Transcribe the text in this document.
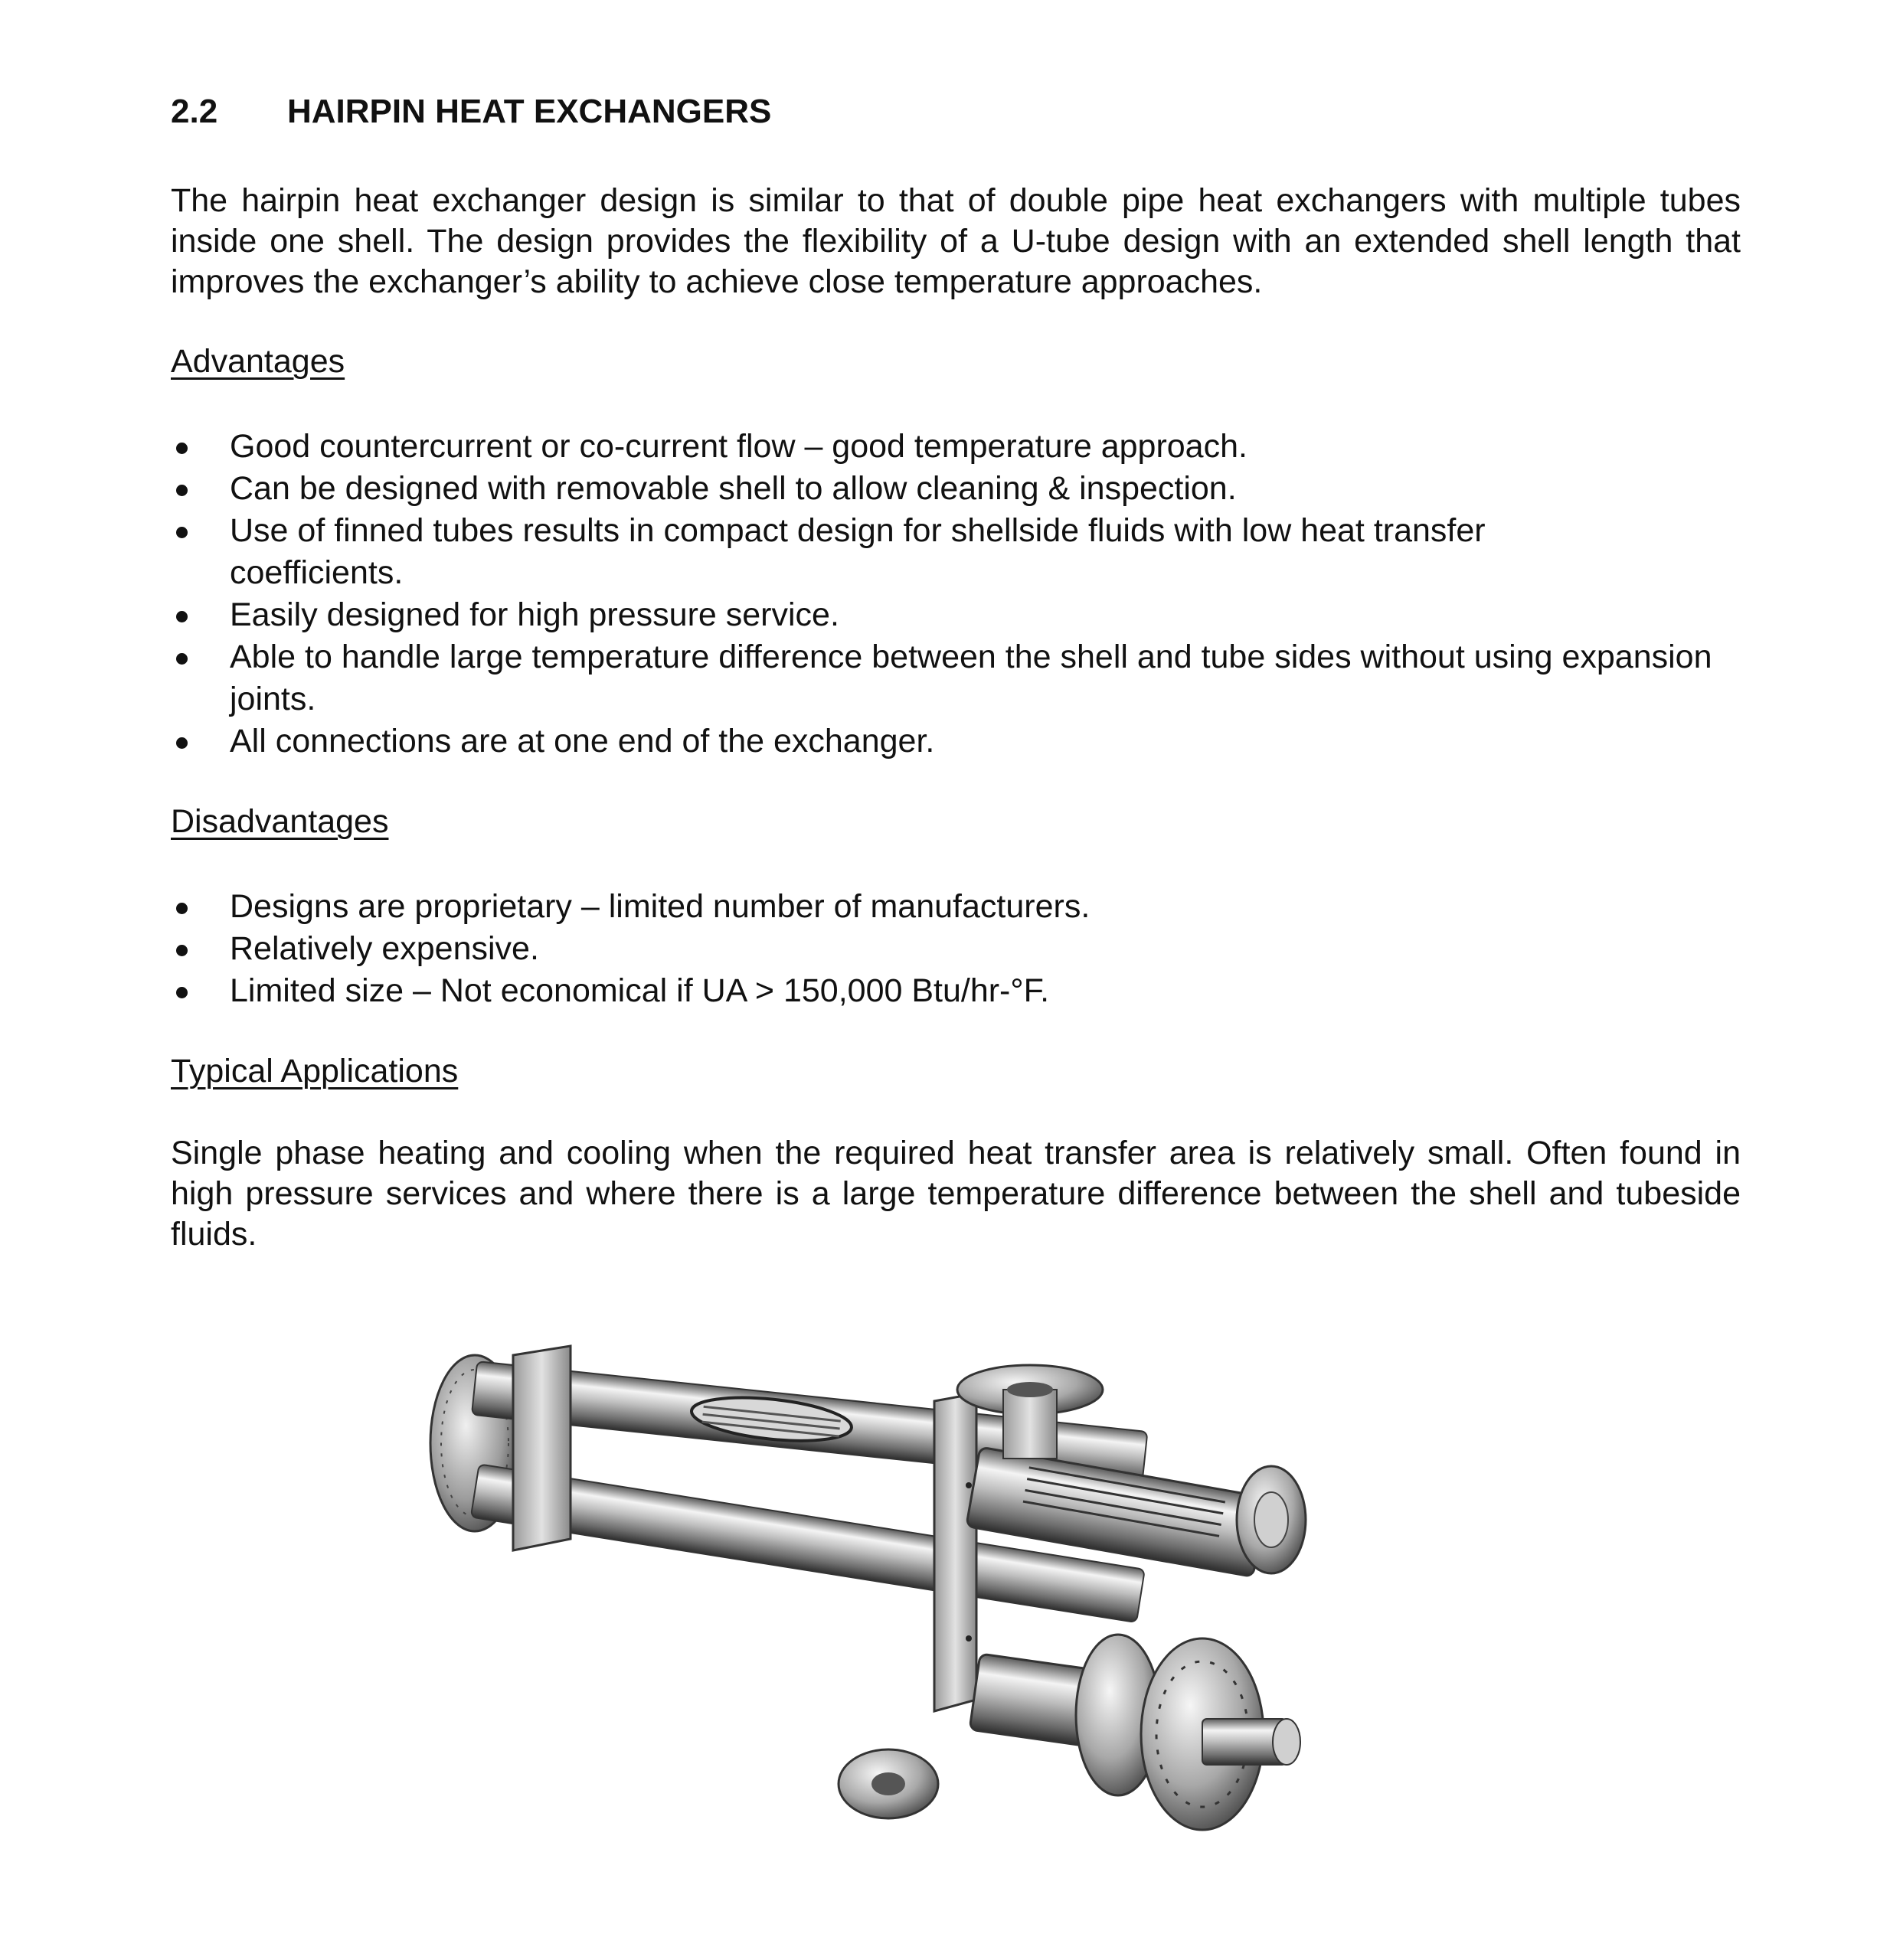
2.2 HAIRPIN HEAT EXCHANGERS
The hairpin heat exchanger design is similar to that of double pipe heat exchangers with multiple tubes inside one shell. The design provides the flexibility of a U-tube design with an extended shell length that improves the exchanger’s ability to achieve close temperature approaches.
Advantages
Good countercurrent or co-current flow – good temperature approach.
Can be designed with removable shell to allow cleaning & inspection.
Use of finned tubes results in compact design for shellside fluids with low heat transfer coefficients.
Easily designed for high pressure service.
Able to handle large temperature difference between the shell and tube sides without using expansion joints.
All connections are at one end of the exchanger.
Disadvantages
Designs are proprietary – limited number of manufacturers.
Relatively expensive.
Limited size – Not economical if UA > 150,000 Btu/hr-°F.
Typical Applications
Single phase heating and cooling when the required heat transfer area is relatively small. Often found in high pressure services and where there is a large temperature difference between the shell and tubeside fluids.
